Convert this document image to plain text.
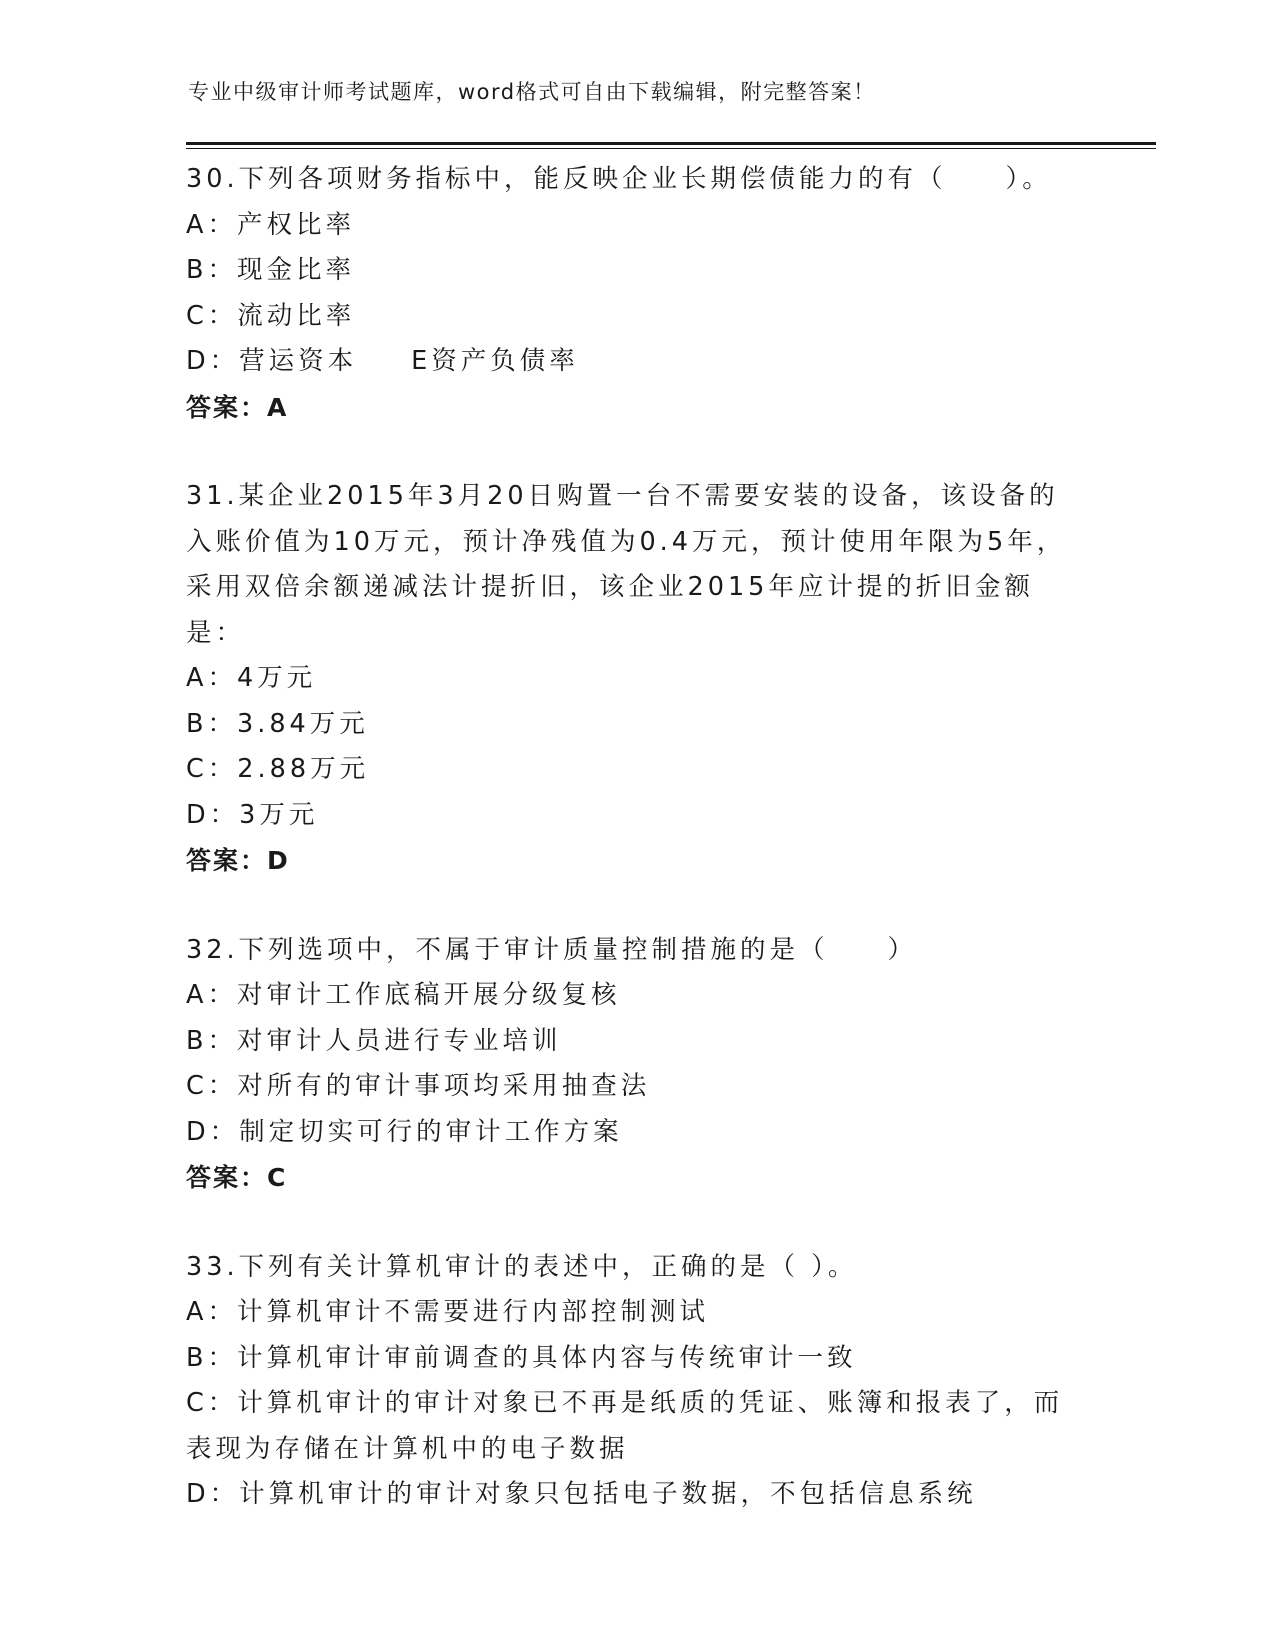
专业中级审计师考试题库，word格式可自由下载编辑，附完整答案！
30.下列各项财务指标中，能反映企业长期偿债能力的有（　　）。
A：产权比率
B：现金比率
C：流动比率
D：营运资本 E资产负债率
答案：A
31.某企业2015年3月20日购置一台不需要安装的设备，该设备的入账价值为10万元，预计净残值为0.4万元，预计使用年限为5年，采用双倍余额递减法计提折旧，该企业2015年应计提的折旧金额是：
A：4万元
B：3.84万元
C：2.88万元
D：3万元
答案：D
32.下列选项中，不属于审计质量控制措施的是（　　）
A：对审计工作底稿开展分级复核
B：对审计人员进行专业培训
C：对所有的审计事项均采用抽查法
D：制定切实可行的审计工作方案
答案：C
33.下列有关计算机审计的表述中，正确的是（ ）。
A：计算机审计不需要进行内部控制测试
B：计算机审计审前调查的具体内容与传统审计一致
C：计算机审计的审计对象已不再是纸质的凭证、账簿和报表了，而表现为存储在计算机中的电子数据
D：计算机审计的审计对象只包括电子数据，不包括信息系统
